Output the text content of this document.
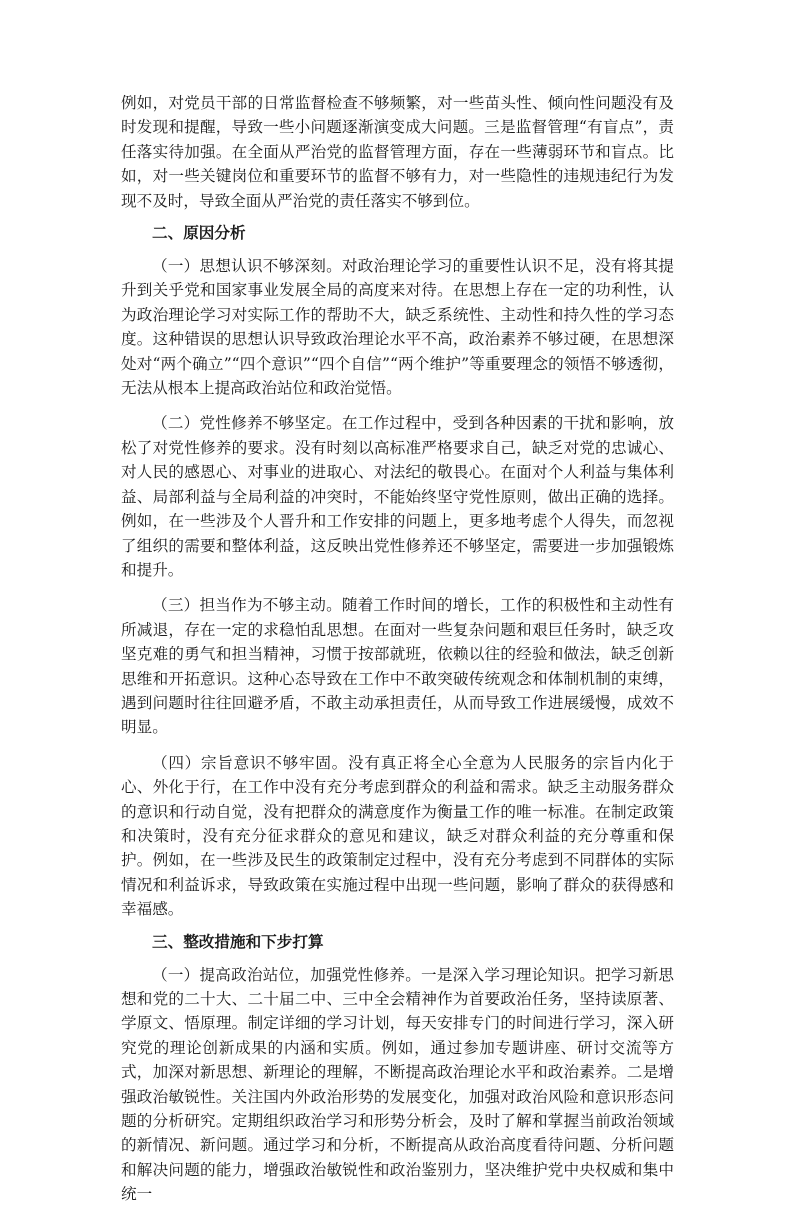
例如，对党员干部的日常监督检查不够频繁，对一些苗头性、倾向性问题没有及时发现和提醒，导致一些小问题逐渐演变成大问题。三是监督管理“有盲点”，责任落实待加强。在全面从严治党的监督管理方面，存在一些薄弱环节和盲点。比如，对一些关键岗位和重要环节的监督不够有力，对一些隐性的违规违纪行为发现不及时，导致全面从严治党的责任落实不够到位。

二、原因分析

（一）思想认识不够深刻。对政治理论学习的重要性认识不足，没有将其提升到关乎党和国家事业发展全局的高度来对待。在思想上存在一定的功利性，认为政治理论学习对实际工作的帮助不大，缺乏系统性、主动性和持久性的学习态度。这种错误的思想认识导致政治理论水平不高，政治素养不够过硬，在思想深处对“两个确立”“四个意识”“四个自信”“两个维护”等重要理念的领悟不够透彻，无法从根本上提高政治站位和政治觉悟。

（二）党性修养不够坚定。在工作过程中，受到各种因素的干扰和影响，放松了对党性修养的要求。没有时刻以高标准严格要求自己，缺乏对党的忠诚心、对人民的感恩心、对事业的进取心、对法纪的敬畏心。在面对个人利益与集体利益、局部利益与全局利益的冲突时，不能始终坚守党性原则，做出正确的选择。例如，在一些涉及个人晋升和工作安排的问题上，更多地考虑个人得失，而忽视了组织的需要和整体利益，这反映出党性修养还不够坚定，需要进一步加强锻炼和提升。

（三）担当作为不够主动。随着工作时间的增长，工作的积极性和主动性有所减退，存在一定的求稳怕乱思想。在面对一些复杂问题和艰巨任务时，缺乏攻坚克难的勇气和担当精神，习惯于按部就班，依赖以往的经验和做法，缺乏创新思维和开拓意识。这种心态导致在工作中不敢突破传统观念和体制机制的束缚，遇到问题时往往回避矛盾，不敢主动承担责任，从而导致工作进展缓慢，成效不明显。

（四）宗旨意识不够牢固。没有真正将全心全意为人民服务的宗旨内化于心、外化于行，在工作中没有充分考虑到群众的利益和需求。缺乏主动服务群众的意识和行动自觉，没有把群众的满意度作为衡量工作的唯一标准。在制定政策和决策时，没有充分征求群众的意见和建议，缺乏对群众利益的充分尊重和保护。例如，在一些涉及民生的政策制定过程中，没有充分考虑到不同群体的实际情况和利益诉求，导致政策在实施过程中出现一些问题，影响了群众的获得感和幸福感。

三、整改措施和下步打算

（一）提高政治站位，加强党性修养。一是深入学习理论知识。把学习新思想和党的二十大、二十届二中、三中全会精神作为首要政治任务，坚持读原著、学原文、悟原理。制定详细的学习计划，每天安排专门的时间进行学习，深入研究党的理论创新成果的内涵和实质。例如，通过参加专题讲座、研讨交流等方式，加深对新思想、新理论的理解，不断提高政治理论水平和政治素养。二是增强政治敏锐性。关注国内外政治形势的发展变化，加强对政治风险和意识形态问题的分析研究。定期组织政治学习和形势分析会，及时了解和掌握当前政治领域的新情况、新问题。通过学习和分析，不断提高从政治高度看待问题、分析问题和解决问题的能力，增强政治敏锐性和政治鉴别力，坚决维护党中央权威和集中统一
